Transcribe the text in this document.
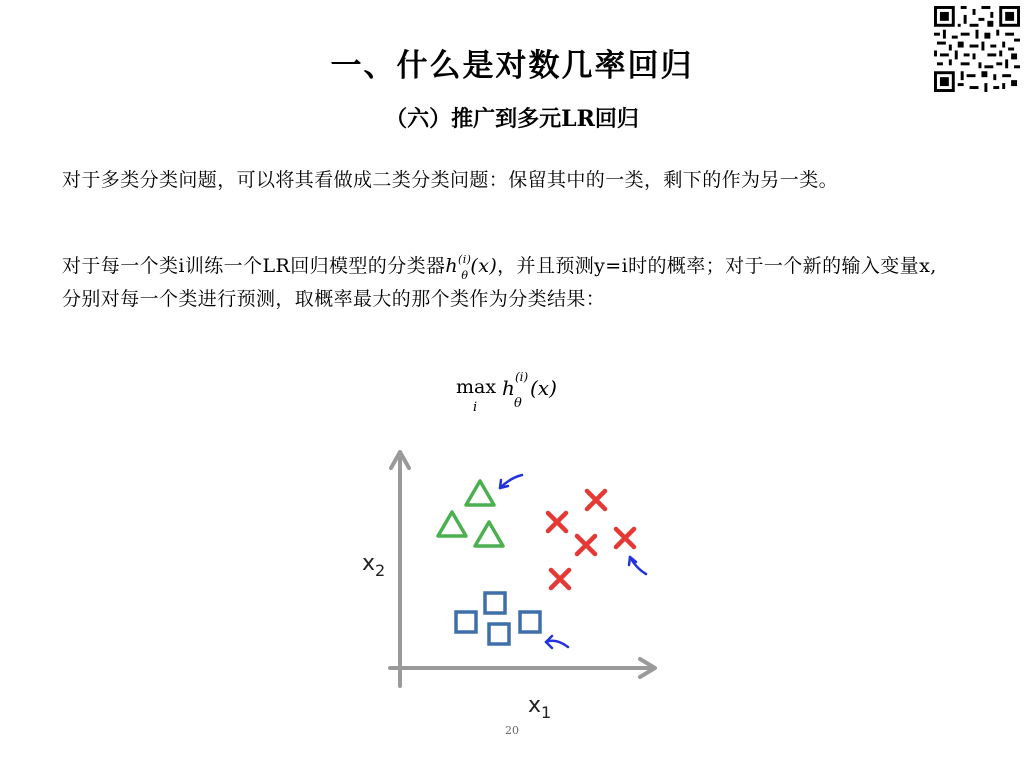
一、什么是对数几率回归
（六）推广到多元LR回归

对于多类分类问题，可以将其看做成二类分类问题：保留其中的一类，剩下的作为另一类。

对于每一个类i训练一个LR回归模型的分类器$h^{(i)}_\theta$ (x)，并且预测y=i时的概率；对于一个新的输入变量x, 分别对每一个类进行预测，取概率最大的那个类作为分类结果：

max
i
h (i)
θ
(x)
$x_2$
$x_1$
20
